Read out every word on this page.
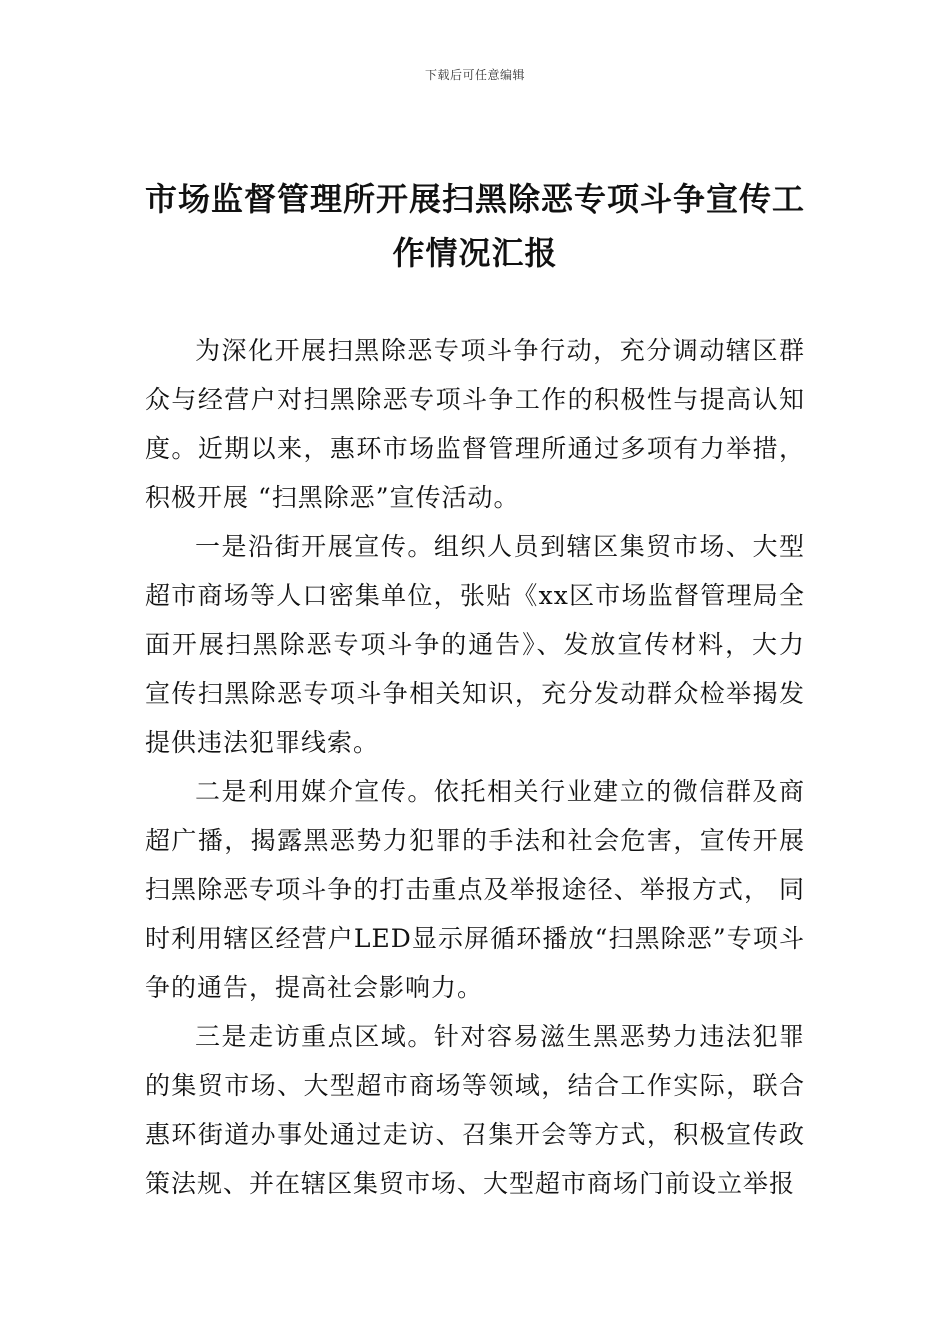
下载后可任意编辑
市场监督管理所开展扫黑除恶专项斗争宣传工作情况汇报

为深化开展扫黑除恶专项斗争行动，充分调动辖区群众与经营户对扫黑除恶专项斗争工作的积极性与提高认知度。近期以来，惠环市场监督管理所通过多项有力举措，积极开展 “扫黑除恶”宣传活动。

一是沿街开展宣传。组织人员到辖区集贸市场、大型超市商场等人口密集单位，张贴《xx区市场监督管理局全面开展扫黑除恶专项斗争的通告》、发放宣传材料，大力宣传扫黑除恶专项斗争相关知识，充分发动群众检举揭发提供违法犯罪线索。

二是利用媒介宣传。依托相关行业建立的微信群及商超广播，揭露黑恶势力犯罪的手法和社会危害，宣传开展扫黑除恶专项斗争的打击重点及举报途径、举报方式， 同时利用辖区经营户LED显示屏循环播放“扫黑除恶”专项斗争的通告，提高社会影响力。

三是走访重点区域。针对容易滋生黑恶势力违法犯罪的集贸市场、大型超市商场等领域，结合工作实际，联合惠环街道办事处通过走访、召集开会等方式，积极宣传政策法规、并在辖区集贸市场、大型超市商场门前设立举报
